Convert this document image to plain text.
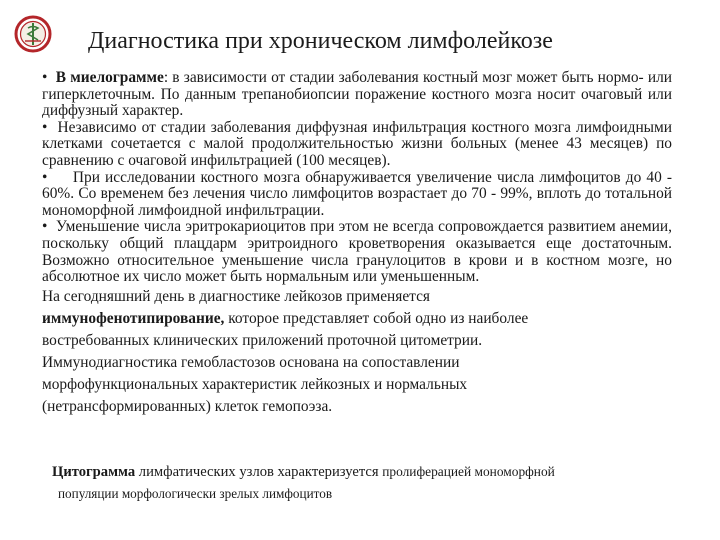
Диагностика при хроническом лимфолейкозе

• В миелограмме: в зависимости от стадии заболевания костный мозг может быть нормо- или гиперклеточным. По данным трепанобиопсии поражение костного мозга носит очаговый или диффузный характер.

• Независимо от стадии заболевания диффузная инфильтрация костного мозга лимфоидными клетками сочетается с малой продолжительностью жизни больных (менее 43 месяцев) по сравнению с очаговой инфильтрацией (100 месяцев).

• При исследовании костного мозга обнаруживается увеличение числа лимфоцитов до 40 - 60%. Со временем без лечения число лимфоцитов возрастает до 70 - 99%, вплоть до тотальной мономорфной лимфоидной инфильтрации.

• Уменьшение числа эритрокариоцитов при этом не всегда сопровождается развитием анемии, поскольку общий плацдарм эритроидного кроветворения оказывается еще достаточным. Возможно относительное уменьшение числа гранулоцитов в крови и в костном мозге, но абсолютное их число может быть нормальным или уменьшенным.

На сегодняшний день в диагностике лейкозов применяется
иммунофенотипирование, которое представляет собой одно из наиболее
востребованных клинических приложений проточной цитометрии.
Иммунодиагностика гемобластозов основана на сопоставлении
морфофункциональных характеристик лейкозных и нормальных
(нетрансформированных) клеток гемопоэза.
Цитограмма лимфатических узлов характеризуется пролиферацией мономорфной
популяции морфологически зрелых лимфоцитов
